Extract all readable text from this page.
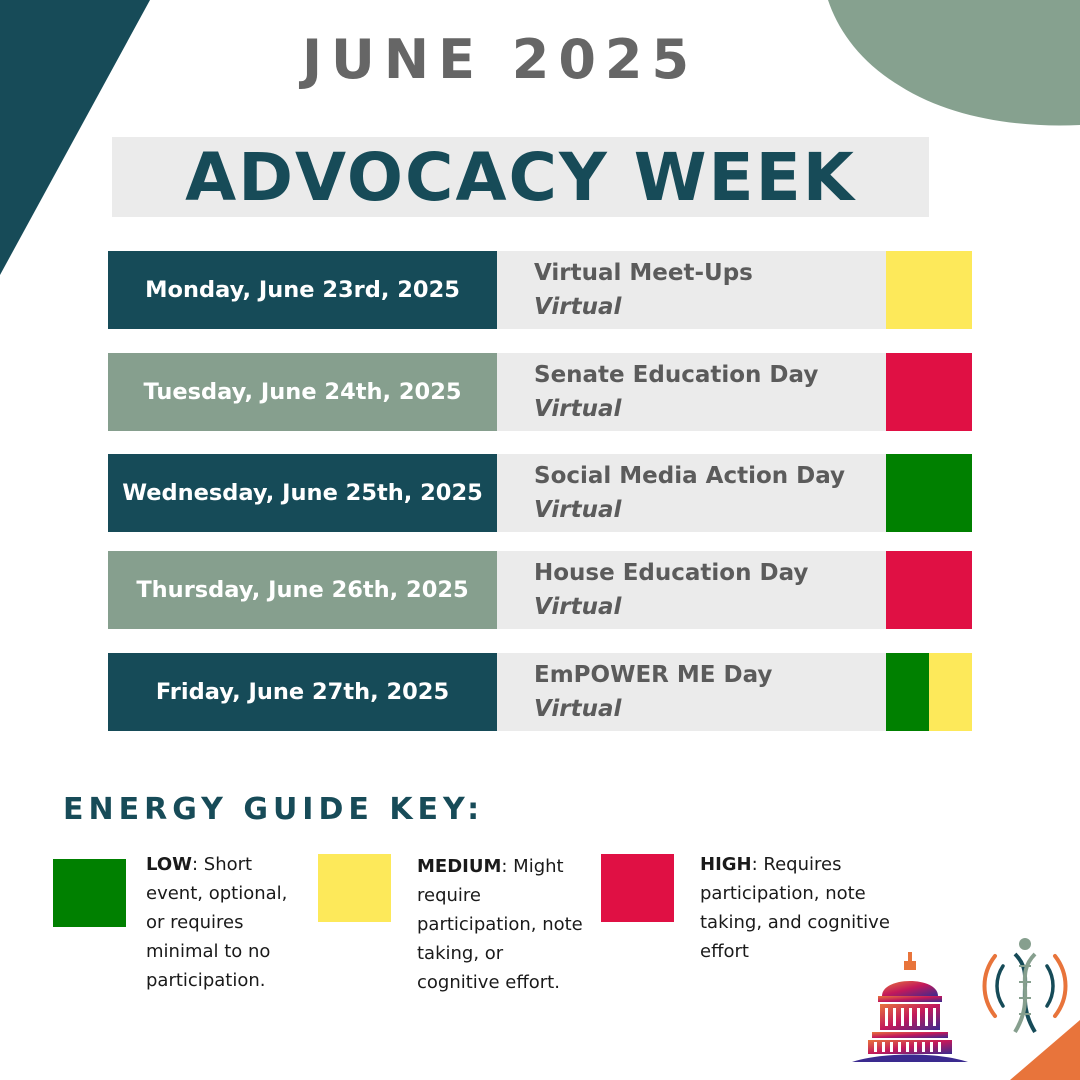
JUNE 2025
ADVOCACY WEEK
Monday, June 23rd, 2025
Virtual Meet-Ups
Virtual
Tuesday, June 24th, 2025
Senate Education Day
Virtual
Wednesday, June 25th, 2025
Social Media Action Day
Virtual
Thursday, June 26th, 2025
House Education Day
Virtual
Friday, June 27th, 2025
EmPOWER ME Day
Virtual
ENERGY GUIDE KEY:
LOW: Short event, optional, or requires minimal to no participation.
MEDIUM: Might require participation, note taking, or cognitive effort.
HIGH: Requires participation, note taking, and cognitive effort
